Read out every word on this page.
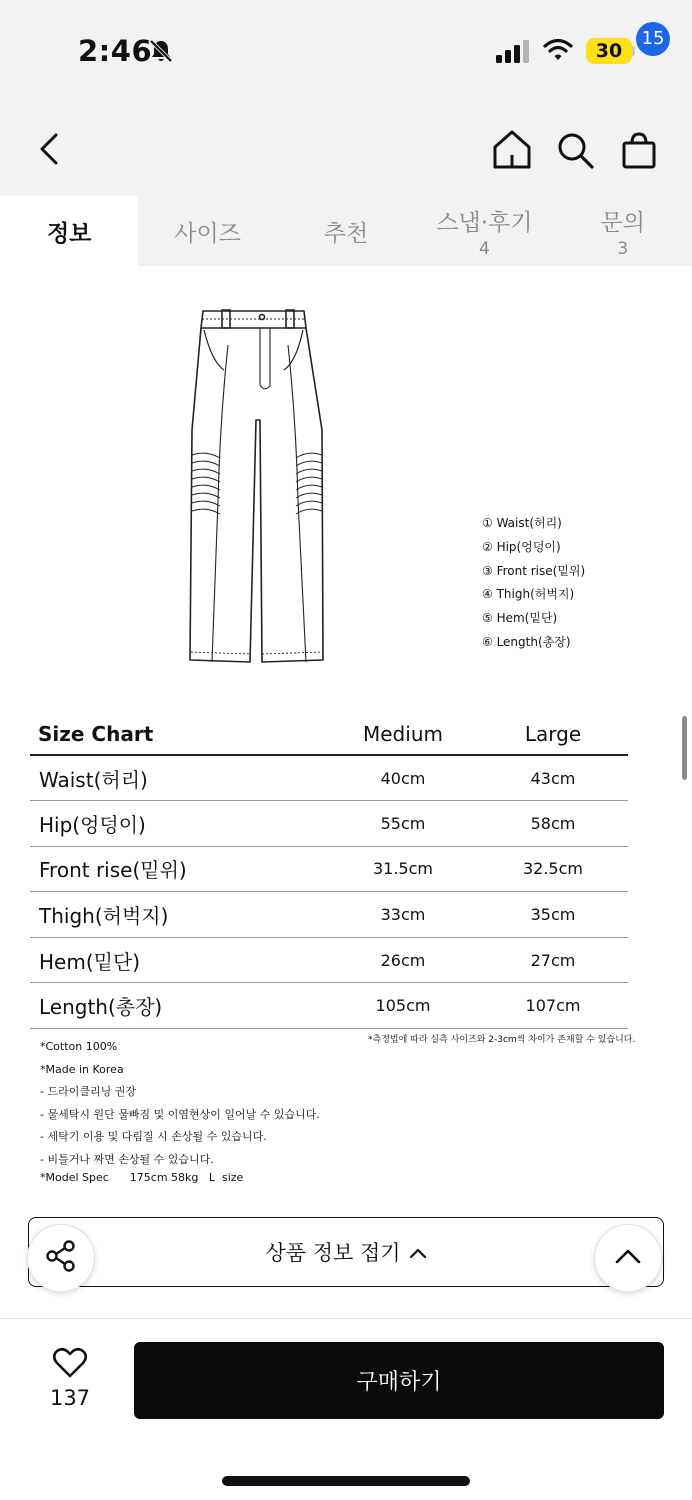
2:46	30
15
정보	사이즈	추천	스냅·후기
4
문의
3
① Waist(허리)
② Hip(엉덩이)
③ Front rise(밑위)
④ Thigh(허벅지)
⑤ Hem(밑단)
⑥ Length(총장)
Size Chart	Medium	Large
Waist(허리)	40cm	43cm
Hip(엉덩이)	55cm	58cm
Front rise(밑위)	31.5cm	32.5cm
Thigh(허벅지)	33cm	35cm
Hem(밑단)	26cm	27cm
Length(총장)	105cm	107cm
*측정법에 따라 실측 사이즈와 2-3cm씩 차이가 존재할 수 있습니다.
*Cotton 100%
*Made in Korea
- 드라이클리닝 권장
- 물세탁시 원단 물빠짐 및 이염현상이 일어날 수 있습니다.
- 세탁기 이용 및 다림질 시 손상될 수 있습니다.
- 비틀거나 짜면 손상될 수 있습니다.
*Model Spec      175cm 58kg   L  size
상품 정보 접기
137
구매하기
